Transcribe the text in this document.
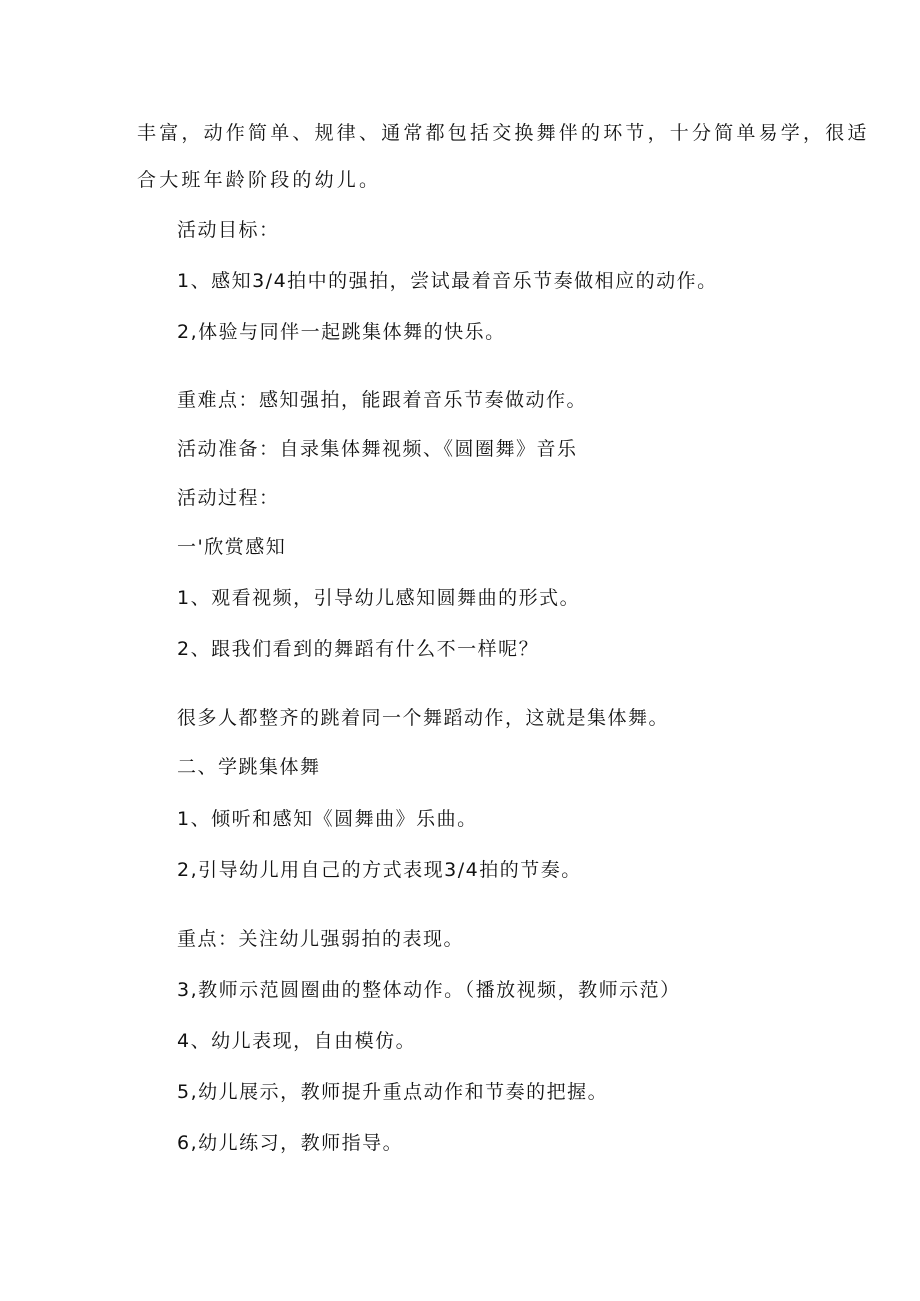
丰富，动作简单、规律、通常都包括交换舞伴的环节，十分简单易学，很适
合大班年龄阶段的幼儿。
活动目标：
1、感知3/4拍中的强拍，尝试最着音乐节奏做相应的动作。
2,体验与同伴一起跳集体舞的快乐。
重难点：感知强拍，能跟着音乐节奏做动作。
活动准备：自录集体舞视频、《圆圈舞》音乐
活动过程：
一'欣赏感知
1、观看视频，引导幼儿感知圆舞曲的形式。
2、跟我们看到的舞蹈有什么不一样呢？
很多人都整齐的跳着同一个舞蹈动作，这就是集体舞。
二、学跳集体舞
1、倾听和感知《圆舞曲》乐曲。
2,引导幼儿用自己的方式表现3/4拍的节奏。
重点：关注幼儿强弱拍的表现。
3,教师示范圆圈曲的整体动作。（播放视频，教师示范）
4、幼儿表现，自由模仿。
5,幼儿展示，教师提升重点动作和节奏的把握。
6,幼儿练习，教师指导。
